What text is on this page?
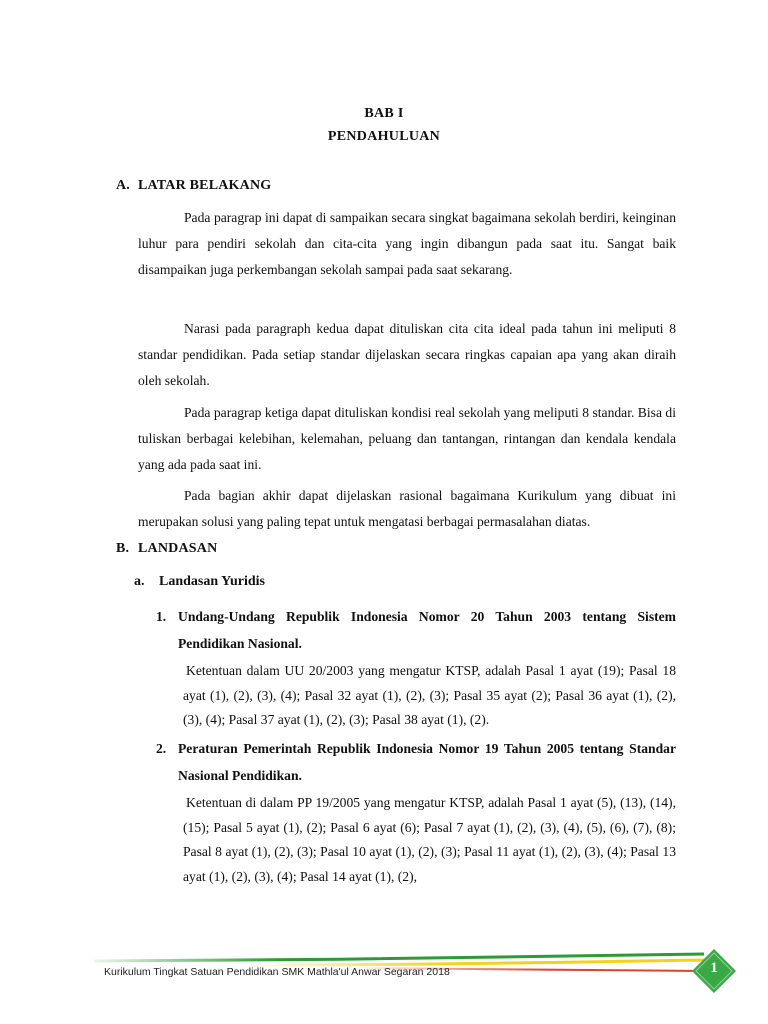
BAB I
PENDAHULUAN
A. LATAR BELAKANG

Pada paragrap ini dapat di sampaikan secara singkat bagaimana sekolah berdiri, keinginan luhur para pendiri sekolah dan cita-cita yang ingin dibangun pada saat itu. Sangat baik disampaikan juga perkembangan sekolah sampai pada saat sekarang.

Narasi pada paragraph kedua dapat dituliskan cita cita ideal pada tahun ini meliputi 8 standar pendidikan. Pada setiap standar dijelaskan secara ringkas capaian apa yang akan diraih oleh sekolah.

Pada paragrap ketiga dapat dituliskan kondisi real sekolah yang meliputi 8 standar. Bisa di tuliskan berbagai kelebihan, kelemahan, peluang dan tantangan, rintangan dan kendala kendala yang ada pada saat ini.

Pada bagian akhir dapat dijelaskan rasional bagaimana Kurikulum yang dibuat ini merupakan solusi yang paling tepat untuk mengatasi berbagai permasalahan diatas.

B. LANDASAN
a. Landasan Yuridis
1. Undang-Undang Republik Indonesia Nomor 20 Tahun 2003 tentang Sistem Pendidikan Nasional.
Ketentuan dalam UU 20/2003 yang mengatur KTSP, adalah Pasal 1 ayat (19); Pasal 18 ayat (1), (2), (3), (4); Pasal 32 ayat (1), (2), (3); Pasal 35 ayat (2); Pasal 36 ayat (1), (2), (3), (4); Pasal 37 ayat (1), (2), (3); Pasal 38 ayat (1), (2).
2. Peraturan Pemerintah Republik Indonesia Nomor 19 Tahun 2005 tentang Standar Nasional Pendidikan.
Ketentuan di dalam PP 19/2005 yang mengatur KTSP, adalah Pasal 1 ayat (5), (13), (14), (15); Pasal 5 ayat (1), (2); Pasal 6 ayat (6); Pasal 7 ayat (1), (2), (3), (4), (5), (6), (7), (8); Pasal 8 ayat (1), (2), (3); Pasal 10 ayat (1), (2), (3); Pasal 11 ayat (1), (2), (3), (4); Pasal 13 ayat (1), (2), (3), (4); Pasal 14 ayat (1), (2),
Kurikulum Tingkat Satuan Pendidikan SMK Mathla'ul Anwar Segaran 2018	1
